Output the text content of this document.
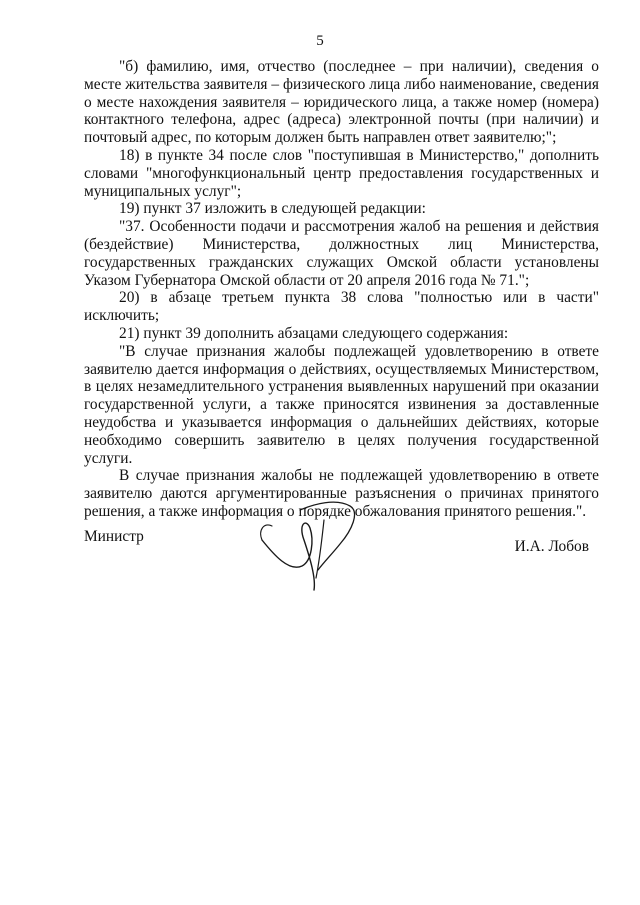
5

"б) фамилию, имя, отчество (последнее – при наличии), сведения о месте жительства заявителя – физического лица либо наименование, сведения о месте нахождения заявителя – юридического лица, а также номер (номера) контактного телефона, адрес (адреса) электронной почты (при наличии) и почтовый адрес, по которым должен быть направлен ответ заявителю;";

18) в пункте 34 после слов "поступившая в Министерство," дополнить словами "многофункциональный центр предоставления государственных и муниципальных услуг";

19) пункт 37 изложить в следующей редакции:

"37. Особенности подачи и рассмотрения жалоб на решения и действия (бездействие) Министерства, должностных лиц Министерства, государственных гражданских служащих Омской области установлены Указом Губернатора Омской области от 20 апреля 2016 года № 71.";

20) в абзаце третьем пункта 38 слова "полностью или в части" исключить;

21) пункт 39 дополнить абзацами следующего содержания:

"В случае признания жалобы подлежащей удовлетворению в ответе заявителю дается информация о действиях, осуществляемых Министерством, в целях незамедлительного устранения выявленных нарушений при оказании государственной услуги, а также приносятся извинения за доставленные неудобства и указывается информация о дальнейших действиях, которые необходимо совершить заявителю в целях получения государственной услуги.

В случае признания жалобы не подлежащей удовлетворению в ответе заявителю даются аргументированные разъяснения о причинах принятого решения, а также информация о порядке обжалования принятого решения.".

Министр
И.А. Лобов
